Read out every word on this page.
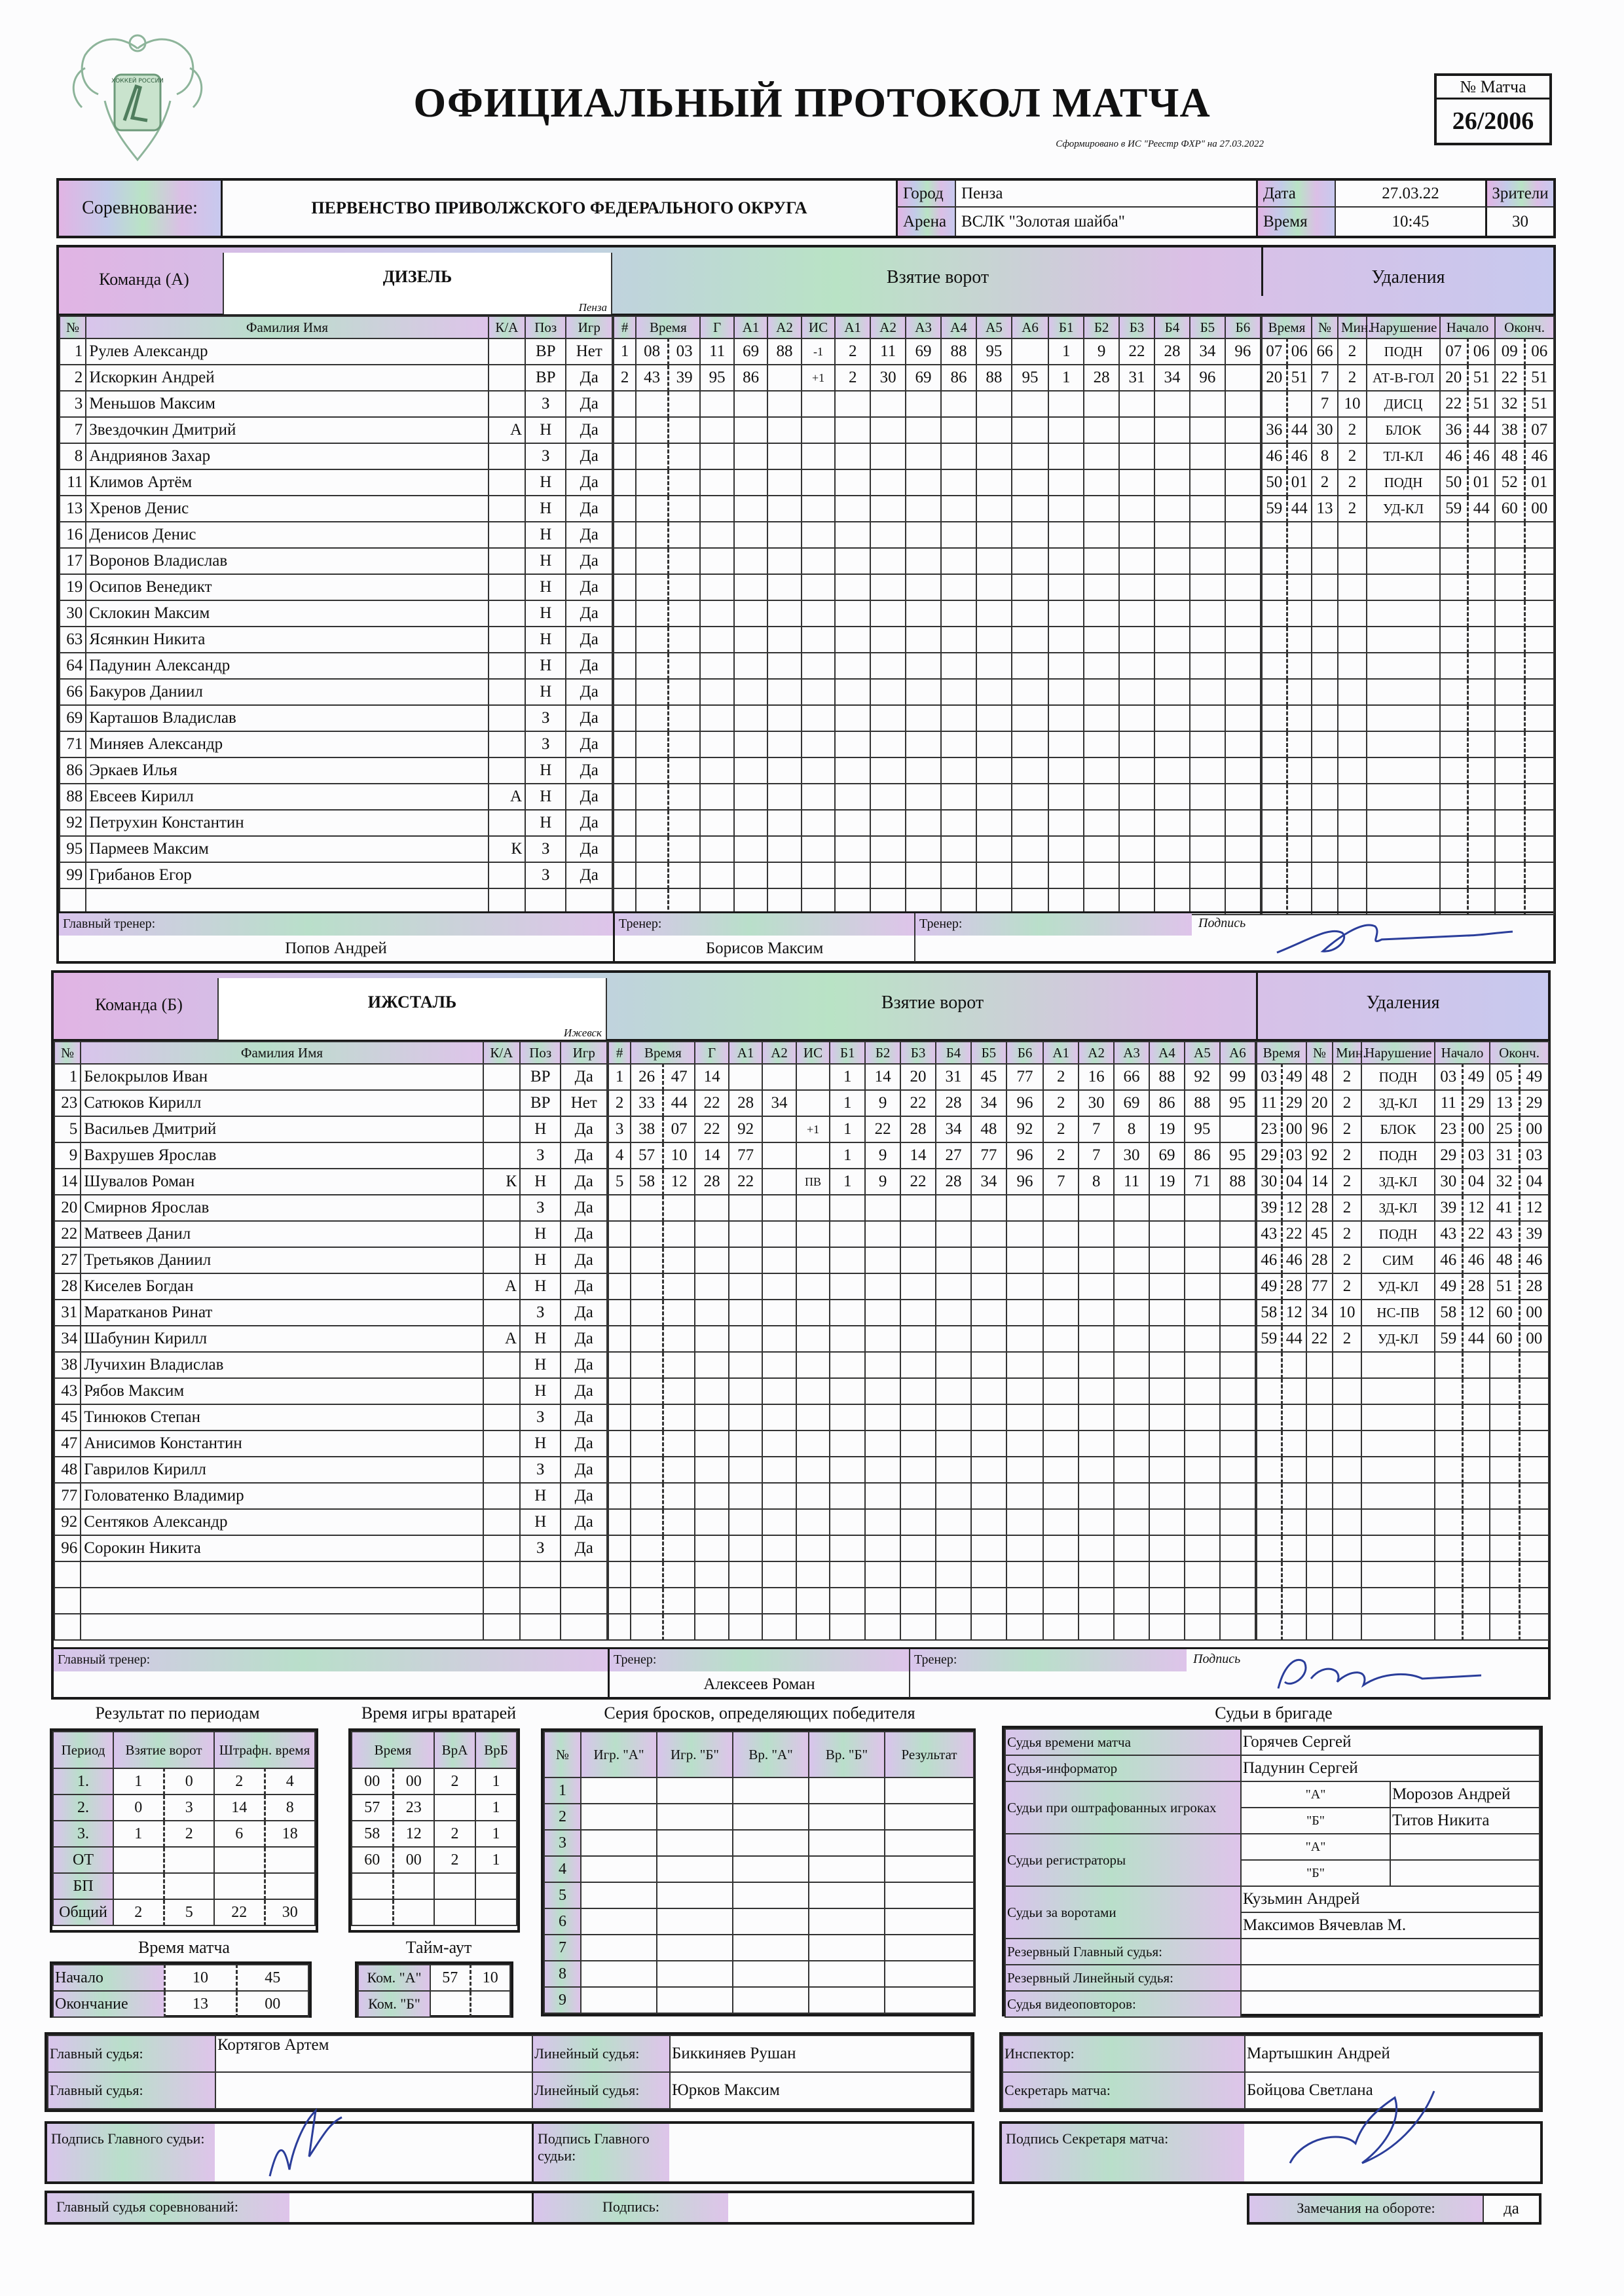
ХОККЕЙ РОССИИ	ОФИЦИАЛЬНЫЙ ПРОТОКОЛ МАТЧА
Сформировано в ИС "Реестр ФХР" на 27.03.2022
№ Матча
26/2006
Соревнование:	ПЕРВЕНСТВО ПРИВОЛЖСКОГО ФЕДЕРАЛЬНОГО ОКРУГА
Город	Пенза
Арена ВСЛК "Золотая шайба"
Дата	27.03.22
Время	10:45
Зрители
30
Команда (А)	ДИЗЕЛЬ
Пенза
Взятие ворот	Удаления
№	Фамилия Имя	К/А	Поз	Игр
1	Рулев Александр		ВР	Нет
2	Искоркин Андрей		ВР	Да
3	Меньшов Максим		З	Да
7	Звездочкин Дмитрий	А	Н	Да
8	Андриянов Захар		З	Да
11	Климов Артём		Н	Да
13	Хренов Денис		Н	Да
16	Денисов Денис		Н	Да
17	Воронов Владислав		Н	Да
19	Осипов Венедикт		Н	Да
30	Склокин Максим		Н	Да
63	Ясянкин Никита		Н	Да
64	Падунин Александр		Н	Да
66	Бакуров Даниил		Н	Да
69	Карташов Владислав		З	Да
71	Миняев Александр		З	Да
86	Эркаев Илья		Н	Да
88	Евсеев Кирилл	А	Н	Да
92	Петрухин Константин		Н	Да
95	Пармеев Максим	К	З	Да
99	Грибанов Егор		З	Да

#	Время		Г	А1	А2	ИС	А1	А2	А3	А4	А5	А6	Б1	Б2	Б3	Б4	Б5	Б6
1	08	03	11	69	88	-1	2	11	69	88	95		1	9	22	28	34	96
2	43	39	95	86		+1	2	30	69	86	88	95	1	28	31	34	96	

Время		№	Мин.	Нарушение	Начало		Оконч.	
07	06	66	2	ПОДН	07	06	09	06
20	51	7	2	АТ-В-ГОЛ	20	51	22	51
		7	10	ДИСЦ	22	51	32	51
36	44	30	2	БЛОК	36	44	38	07
46	46	8	2	ТЛ-КЛ	46	46	48	46
50	01	2	2	ПОДН	50	01	52	01
59	44	13	2	УД-КЛ	59	44	60	00

Главный тренер:
Попов Андрей
Тренер:
Борисов Максим
Тренер:	Подпись
Команда (Б)	ИЖСТАЛЬ
Ижевск
Взятие ворот	Удаления
№	Фамилия Имя	К/А	Поз	Игр
1	Белокрылов Иван		ВР	Да
23	Сатюков Кирилл		ВР	Нет
5	Васильев Дмитрий		Н	Да
9	Вахрушев Ярослав		З	Да
14	Шувалов Роман	К	Н	Да
20	Смирнов Ярослав		З	Да
22	Матвеев Данил		Н	Да
27	Третьяков Даниил		Н	Да
28	Киселев Богдан	А	Н	Да
31	Маратканов Ринат		З	Да
34	Шабунин Кирилл	А	Н	Да
38	Лучихин Владислав		Н	Да
43	Рябов Максим		Н	Да
45	Тинюков Степан		З	Да
47	Анисимов Константин		Н	Да
48	Гаврилов Кирилл		З	Да
77	Головатенко Владимир		Н	Да
92	Сентяков Александр		Н	Да
96	Сорокин Никита		З	Да

#	Время		Г	А1	А2	ИС	Б1	Б2	Б3	Б4	Б5	Б6	А1	А2	А3	А4	А5	А6
1	26	47	14				1	14	20	31	45	77	2	16	66	88	92	99
2	33	44	22	28	34		1	9	22	28	34	96	2	30	69	86	88	95
3	38	07	22	92		+1	1	22	28	34	48	92	2	7	8	19	95	
4	57	10	14	77			1	9	14	27	77	96	2	7	30	69	86	95
5	58	12	28	22		ПВ	1	9	22	28	34	96	7	8	11	19	71	88

Время		№	Мин.	Нарушение	Начало		Оконч.	
03	49	48	2	ПОДН	03	49	05	49
11	29	20	2	ЗД-КЛ	11	29	13	29
23	00	96	2	БЛОК	23	00	25	00
29	03	92	2	ПОДН	29	03	31	03
30	04	14	2	ЗД-КЛ	30	04	32	04
39	12	28	2	ЗД-КЛ	39	12	41	12
43	22	45	2	ПОДН	43	22	43	39
46	46	28	2	СИМ	46	46	48	46
49	28	77	2	УД-КЛ	49	28	51	28
58	12	34	10	НС-ПВ	58	12	60	00
59	44	22	2	УД-КЛ	59	44	60	00

Главный тренер:	Тренер:
Алексеев Роман
Тренер:	Подпись
Результат по периодам
Период	Взятие ворот		Штрафн. время	
1.	1	0	2	4
2.	0	3	14	8
3.	1	2	6	18
ОТ				
БП				
Общий	2	5	22	30
Время матча
Начало	10	45
Окончание	13	00
Время игры вратарей
Время		ВрА	ВрБ
00	00	2	1
57	23		1
58	12	2	1
60	00	2	1

Тайм-аут
Ком. "А"	57	10
Ком. "Б"		
Серия бросков, определяющих победителя
№	Игр. "А"	Игр. "Б"	Вр. "А"	Вр. "Б"	Результат
1					
2					
3					
4					
5					
6					
7					
8					
9					
Судьи в бригаде
Судья времени матча	Горячев Сергей	
Судья-информатор	Падунин Сергей	
Судьи при оштрафованных игроках	"А"	Морозов Андрей
	"Б"	Титов Никита
Судьи регистраторы	"А"	
	"Б"	
Судьи за воротами	Кузьмин Андрей	
	Максимов Вячевлав М.	
Резервный Главный судья:		
Резервный Линейный судья:		
Судья видеоповторов:		
Главный судья:	Кортягов Артем	Линейный судья:	Биккиняев Рушан
Главный судья:		Линейный судья:	Юрков Максим
Инспектор:	Мартышкин Андрей
Секретарь матча:	Бойцова Светлана
Подпись Главного судьи:	Подпись Главного судьи:
Подпись Секретаря матча:
Главный судья соревнований:	Подпись:	Замечания на обороте:	да
